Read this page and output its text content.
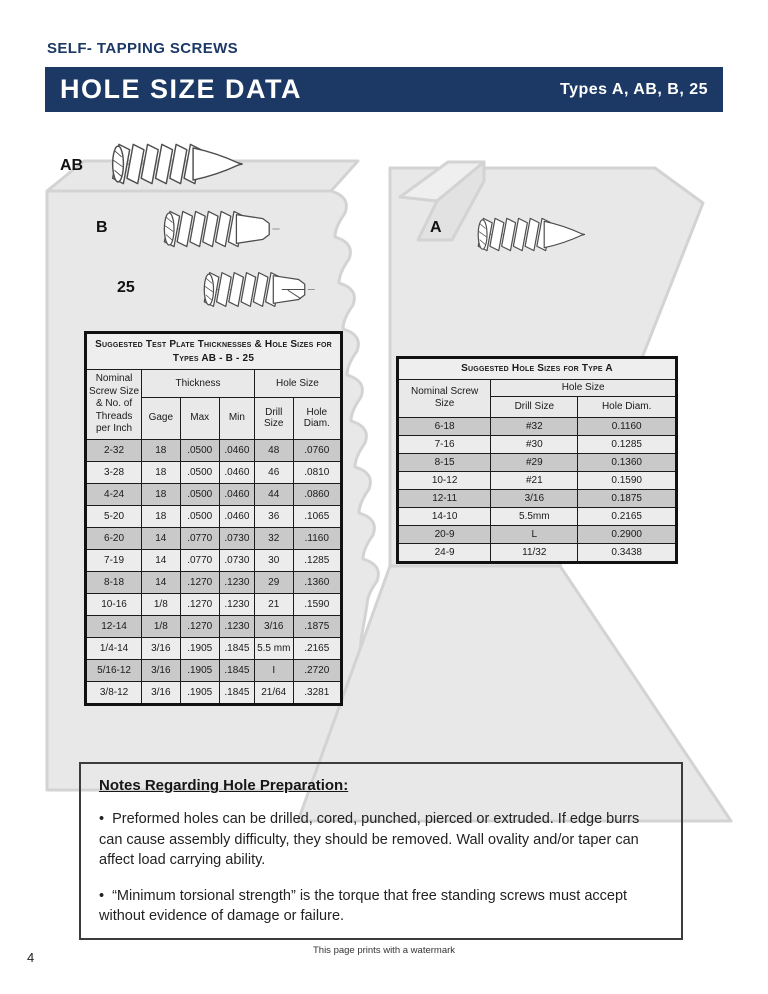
SELF- TAPPING SCREWS
HOLE SIZE DATA	Types A, AB, B, 25
AB
B
25
A
Suggested Test Plate Thicknesses & Hole Sizes for Types AB - B - 25					
Nominal Screw Size & No. of Threads per Inch	Thickness			Hole Size	
	Gage	Max	Min	Drill Size	Hole Diam.
2-32	18	.0500	.0460	48	.0760
3-28	18	.0500	.0460	46	.0810
4-24	18	.0500	.0460	44	.0860
5-20	18	.0500	.0460	36	.1065
6-20	14	.0770	.0730	32	.1160
7-19	14	.0770	.0730	30	.1285
8-18	14	.1270	.1230	29	.1360
10-16	1/8	.1270	.1230	21	.1590
12-14	1/8	.1270	.1230	3/16	.1875
1/4-14	3/16	.1905	.1845	5.5 mm	.2165
5/16-12	3/16	.1905	.1845	I	.2720
3/8-12	3/16	.1905	.1845	21/64	.3281
Suggested Hole Sizes for Type A		
Nominal Screw Size	Hole Size	
	Drill Size	Hole Diam.
6-18	#32	0.1160
7-16	#30	0.1285
8-15	#29	0.1360
10-12	#21	0.1590
12-11	3/16	0.1875
14-10	5.5mm	0.2165
20-9	L	0.2900
24-9	11/32	0.3438

Notes Regarding Hole Preparation:

• Preformed holes can be drilled, cored, punched, pierced or extruded. If edge burrs can cause assembly difficulty, they should be removed. Wall ovality and/or taper can affect load carrying ability.

• “Minimum torsional strength” is the torque that free standing screws must accept without evidence of damage or failure.

This page prints with a watermark
4
